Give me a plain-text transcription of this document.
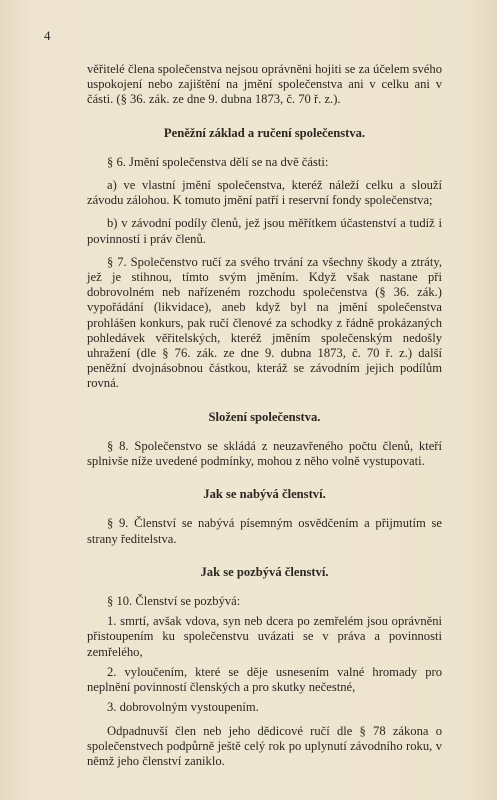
4

věřitelé člena společenstva nejsou oprávněni hojiti se za účelem svého uspokojení nebo zajištění na jmění společenstva ani v celku ani v části. (§ 36. zák. ze dne 9. dubna 1873, č. 70 ř. z.).

Peněžní základ a ručení společenstva.

§ 6. Jmění společenstva dělí se na dvě části:

a) ve vlastní jmění společenstva, kteréž náleží celku a slouží závodu zálohou. K tomuto jmění patří i reservní fondy společenstva;

b) v závodní podíly členů, jež jsou měřítkem účastenství a tudíž i povinností i práv členů.

§ 7. Společenstvo ručí za svého trvání za všechny škody a ztráty, jež je stihnou, tímto svým jměním. Když však nastane při dobrovolném neb nařízeném rozchodu společenstva (§ 36. zák.) vypořádání (likvidace), aneb když byl na jmění společenstva prohlášen konkurs, pak ručí členové za schodky z řádně prokázaných pohledávek věřitelských, kteréž jměním společenským nedošly uhražení (dle § 76. zák. ze dne 9. dubna 1873, č. 70 ř. z.) další peněžní dvojnásobnou částkou, kteráž se závodním jejich podílům rovná.

Složení společenstva.

§ 8. Společenstvo se skládá z neuzavřeného počtu členů, kteří splnivše níže uvedené podmínky, mohou z něho volně vystupovati.

Jak se nabývá členství.

§ 9. Členství se nabývá písemným osvědčením a přijmutím se strany ředitelstva.

Jak se pozbývá členství.

§ 10. Členství se pozbývá:

1. smrtí, avšak vdova, syn neb dcera po zemřelém jsou oprávněni přistoupením ku společenstvu uvázati se v práva a povinnosti zemřelého,

2. vyloučením, které se děje usnesením valné hromady pro neplnění povinností členských a pro skutky nečestné,

3. dobrovolným vystoupením.

Odpadnuvší člen neb jeho dědicové ručí dle § 78 zákona o společenstvech podpůrně ještě celý rok po uplynutí závodního roku, v němž jeho členství zaniklo.
